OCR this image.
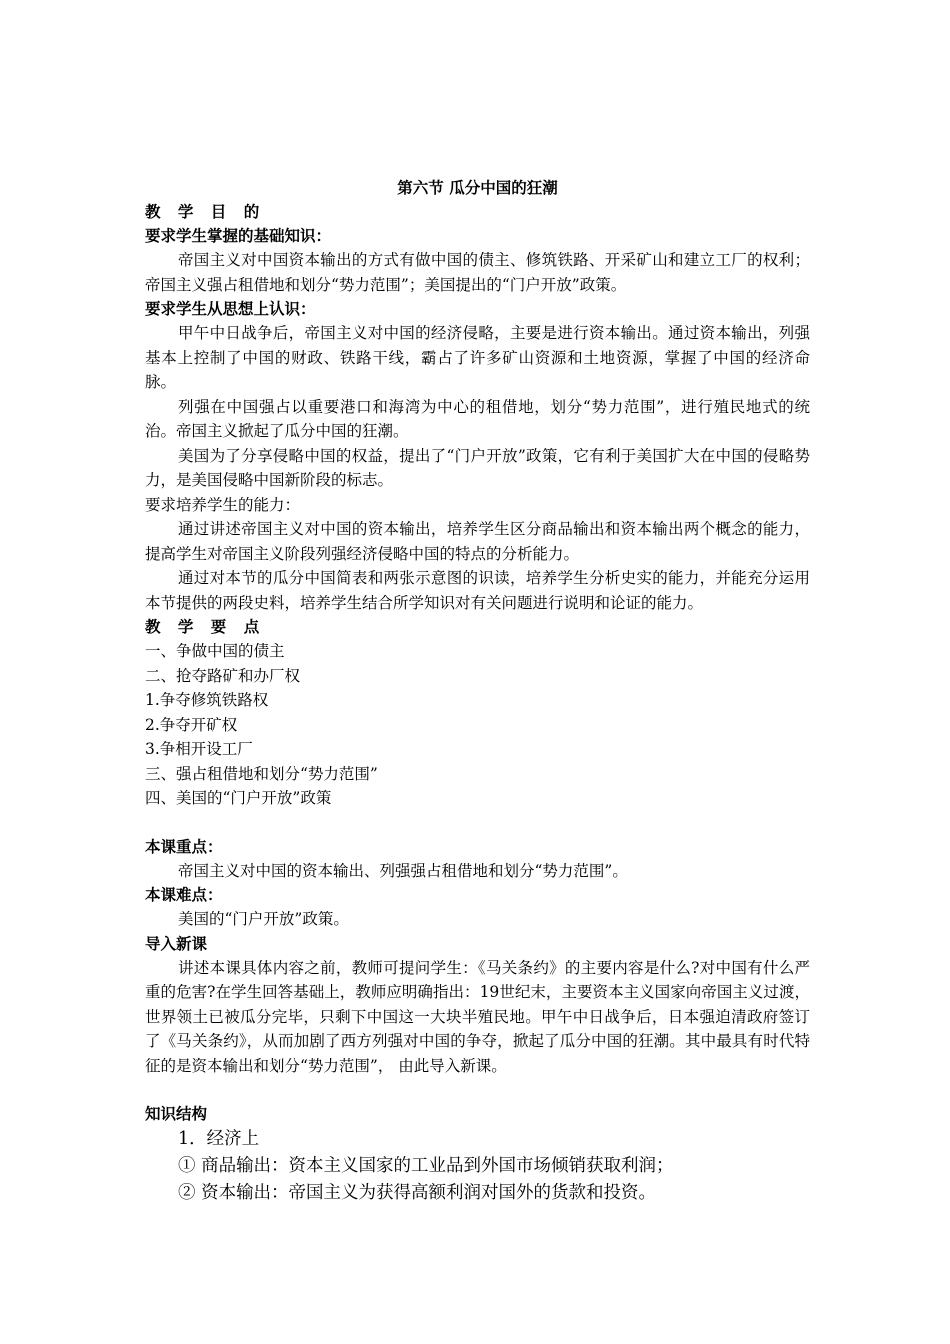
第六节 瓜分中国的狂潮
教 学 目 的
要求学生掌握的基础知识：
帝国主义对中国资本输出的方式有做中国的债主、修筑铁路、开采矿山和建立工厂的权利；帝国主义强占租借地和划分“势力范围”；美国提出的“门户开放”政策。
要求学生从思想上认识：
甲午中日战争后，帝国主义对中国的经济侵略，主要是进行资本输出。通过资本输出，列强基本上控制了中国的财政、铁路干线，霸占了许多矿山资源和土地资源，掌握了中国的经济命脉。
列强在中国强占以重要港口和海湾为中心的租借地，划分“势力范围”，进行殖民地式的统治。帝国主义掀起了瓜分中国的狂潮。
美国为了分享侵略中国的权益，提出了“门户开放”政策，它有利于美国扩大在中国的侵略势力，是美国侵略中国新阶段的标志。
要求培养学生的能力：
通过讲述帝国主义对中国的资本输出，培养学生区分商品输出和资本输出两个概念的能力，提高学生对帝国主义阶段列强经济侵略中国的特点的分析能力。
通过对本节的瓜分中国简表和两张示意图的识读，培养学生分析史实的能力，并能充分运用本节提供的两段史料，培养学生结合所学知识对有关问题进行说明和论证的能力。
教 学 要 点
一、争做中国的债主
二、抢夺路矿和办厂权
1.争夺修筑铁路权
2.争夺开矿权
3.争相开设工厂
三、强占租借地和划分“势力范围”
四、美国的“门户开放”政策
本课重点：
帝国主义对中国的资本输出、列强强占租借地和划分“势力范围”。
本课难点：
美国的“门户开放”政策。
导入新课
讲述本课具体内容之前，教师可提问学生：《马关条约》的主要内容是什么?对中国有什么严重的危害?在学生回答基础上，教师应明确指出：19世纪末，主要资本主义国家向帝国主义过渡，世界领土已被瓜分完毕，只剩下中国这一大块半殖民地。甲午中日战争后，日本强迫清政府签订了《马关条约》，从而加剧了西方列强对中国的争夺，掀起了瓜分中国的狂潮。其中最具有时代特征的是资本输出和划分“势力范围”， 由此导入新课。
知识结构
1．经济上
① 商品输出：资本主义国家的工业品到外国市场倾销获取利润；
② 资本输出：帝国主义为获得高额利润对国外的货款和投资。
